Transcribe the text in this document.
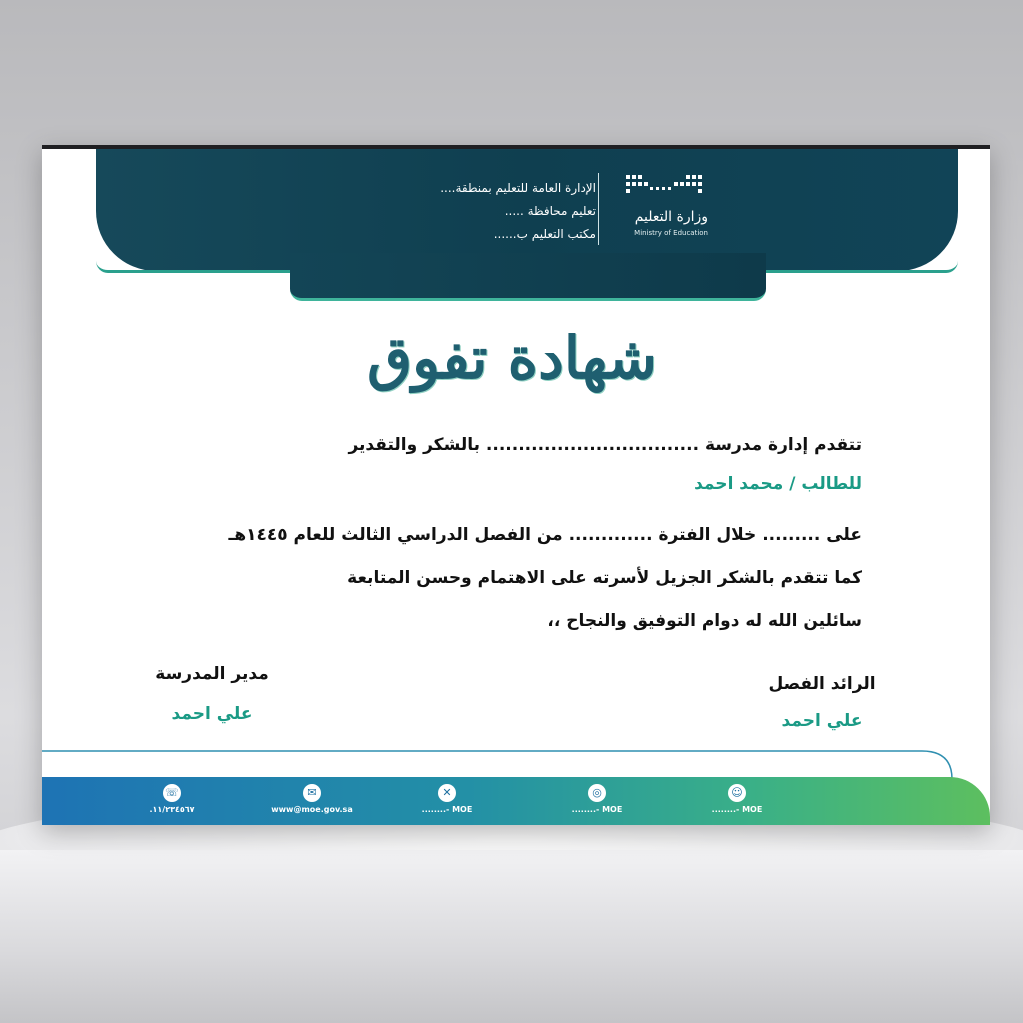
الإدارة العامة للتعليم بمنطقة....
تعليم محافظة .....
مكتب التعليم ب......
وزارة التعليم
Ministry of Education
مدرسـة ......................................................
شهادة تفوق
تتقدم إدارة مدرسة ................................. بالشكر والتقدير
للطالب / محمد احمد
على ......... خلال الفترة ............. من الفصل الدراسي الثالث للعام ١٤٤٥هـ
كما تتقدم بالشكر الجزيل لأسرته على الاهتمام وحسن المتابعة
سائلين الله له دوام التوفيق والنجاح ،،
مدير المدرسة
علي احمد
الرائد الفصل
علي احمد
☏
.١١/٢٣٤٥٦٧
✉
www@moe.gov.sa
✕
........- MOE
◎
........- MOE
☺
........- MOE
